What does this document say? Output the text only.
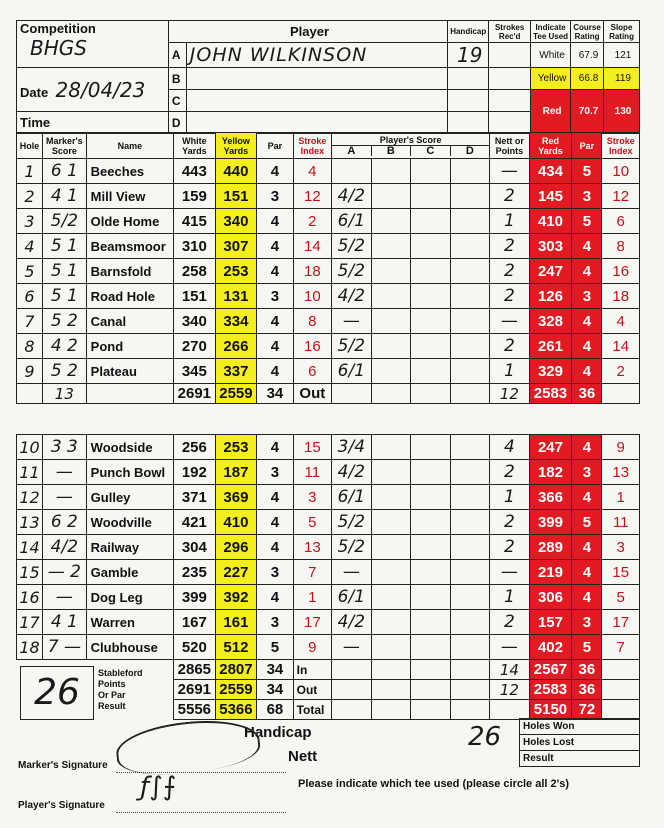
Competition
BHGS	Player		Handicap	Strokes Rec'd	Indicate Tee Used	Course Rating	Slope Rating
	A	JOHN WILKINSON	19		White	67.9	121
Date 28/04/23	B				Yellow	66.8	119
	C				Red	70.7	130
Time	D						
Hole	Marker's Score	Name	White Yards	Yellow Yards	Par	Stroke Index	Player's Score
A B C D				Nett or Points	Red Yards	Par	Stroke Index
1	6 1	Beeches	443	440	4	4					—	434	5	10
2	4 1	Mill View	159	151	3	12	4/2				2	145	3	12
3	5/2	Olde Home	415	340	4	2	6/1				1	410	5	6
4	5 1	Beamsmoor	310	307	4	14	5/2				2	303	4	8
5	5 1	Barnsfold	258	253	4	18	5/2				2	247	4	16
6	5 1	Road Hole	151	131	3	10	4/2				2	126	3	18
7	5 2	Canal	340	334	4	8	—				—	328	4	4
8	4 2	Pond	270	266	4	16	5/2				2	261	4	14
9	5 2	Plateau	345	337	4	6	6/1				1	329	4	2
	13		2691	2559	34	Out					12	2583	36	
10	3 3	Woodside	256	253	4	15	3/4				4	247	4	9
11	—	Punch Bowl	192	187	3	11	4/2				2	182	3	13
12	—	Gulley	371	369	4	3	6/1				1	366	4	1
13	6 2	Woodville	421	410	4	5	5/2				2	399	5	11
14	4/2	Railway	304	296	4	13	5/2				2	289	4	3
15	— 2	Gamble	235	227	3	7	—				—	219	4	15
16	—	Dog Leg	399	392	4	1	6/1				1	306	4	5
17	4 1	Warren	167	161	3	17	4/2				2	157	3	17
18	7 —	Clubhouse	520	512	5	9	—				—	402	5	7
			2865	2807	34	In					14	2567	36	
			2691	2559	34	Out					12	2583	36	
			5556	5366	68	Total						5150	72	
26	Stableford
Points
Or Par
Result
Handicap
Nett
26 Holes Won
Holes Lost
Result
Marker's Signature
Player's Signature
ƒ∫⨍	Please indicate which tee used (please circle all 2's)
